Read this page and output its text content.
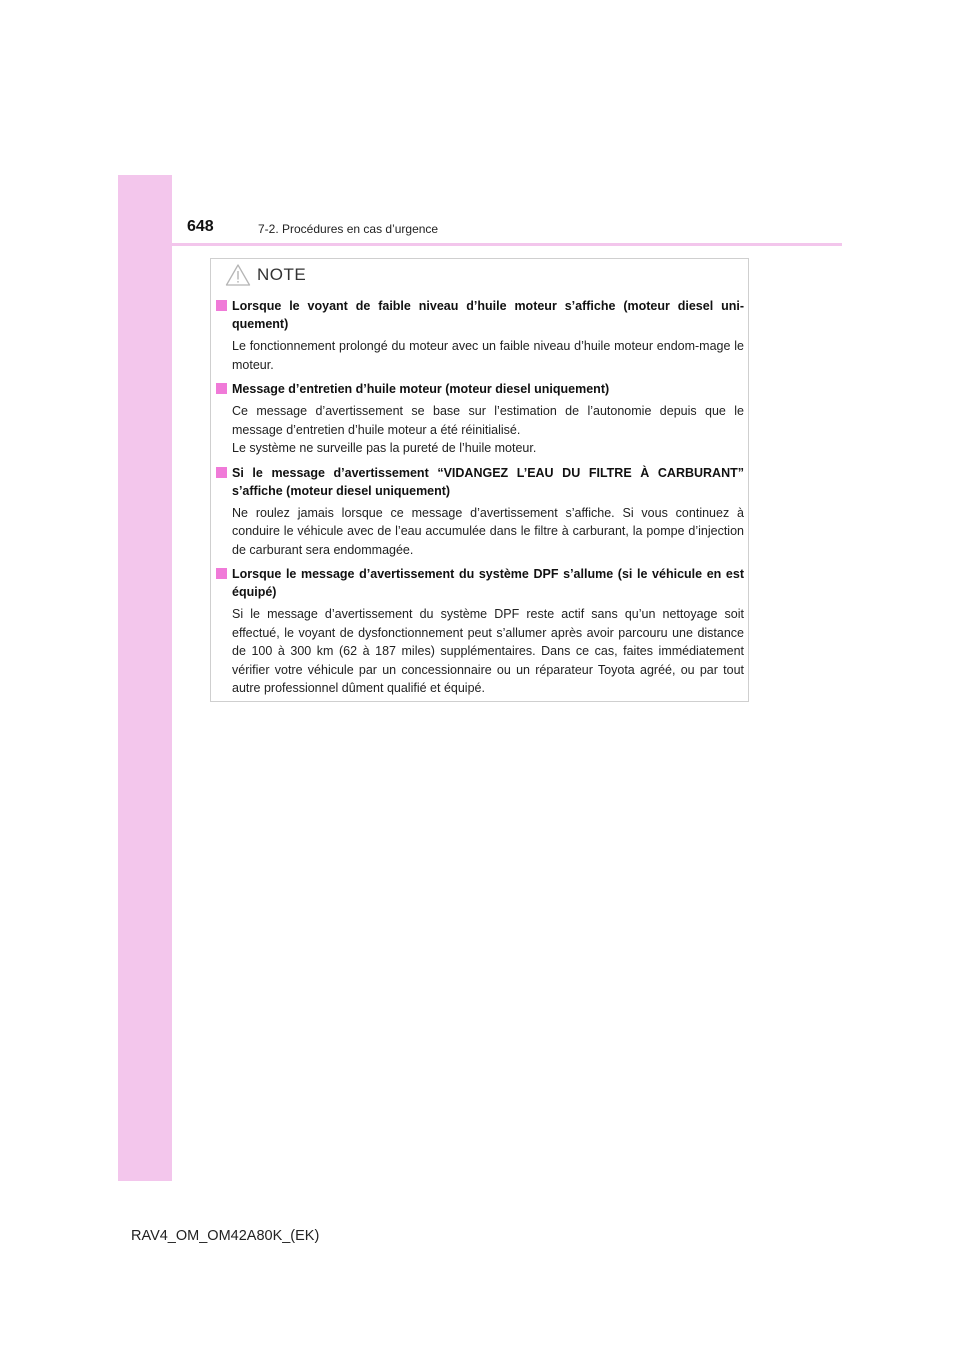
648	7-2. Procédures en cas d’urgence
NOTE
Lorsque le voyant de faible niveau d’huile moteur s’affiche (moteur diesel uni-quement)

Le fonctionnement prolongé du moteur avec un faible niveau d’huile moteur endom-mage le moteur.

Message d’entretien d’huile moteur (moteur diesel uniquement)

Ce message d’avertissement se base sur l’estimation de l’autonomie depuis que le message d’entretien d’huile moteur a été réinitialisé.

Le système ne surveille pas la pureté de l’huile moteur.

Si le message d’avertissement “VIDANGEZ L’EAU DU FILTRE À CARBURANT” s’affiche (moteur diesel uniquement)

Ne roulez jamais lorsque ce message d’avertissement s’affiche. Si vous continuez à conduire le véhicule avec de l’eau accumulée dans le filtre à carburant, la pompe d’injection de carburant sera endommagée.

Lorsque le message d’avertissement du système DPF s’allume (si le véhicule en est équipé)

Si le message d’avertissement du système DPF reste actif sans qu’un nettoyage soit effectué, le voyant de dysfonctionnement peut s’allumer après avoir parcouru une distance de 100 à 300 km (62 à 187 miles) supplémentaires. Dans ce cas, faites immédiatement vérifier votre véhicule par un concessionnaire ou un réparateur Toyota agréé, ou par tout autre professionnel dûment qualifié et équipé.

RAV4_OM_OM42A80K_(EK)
